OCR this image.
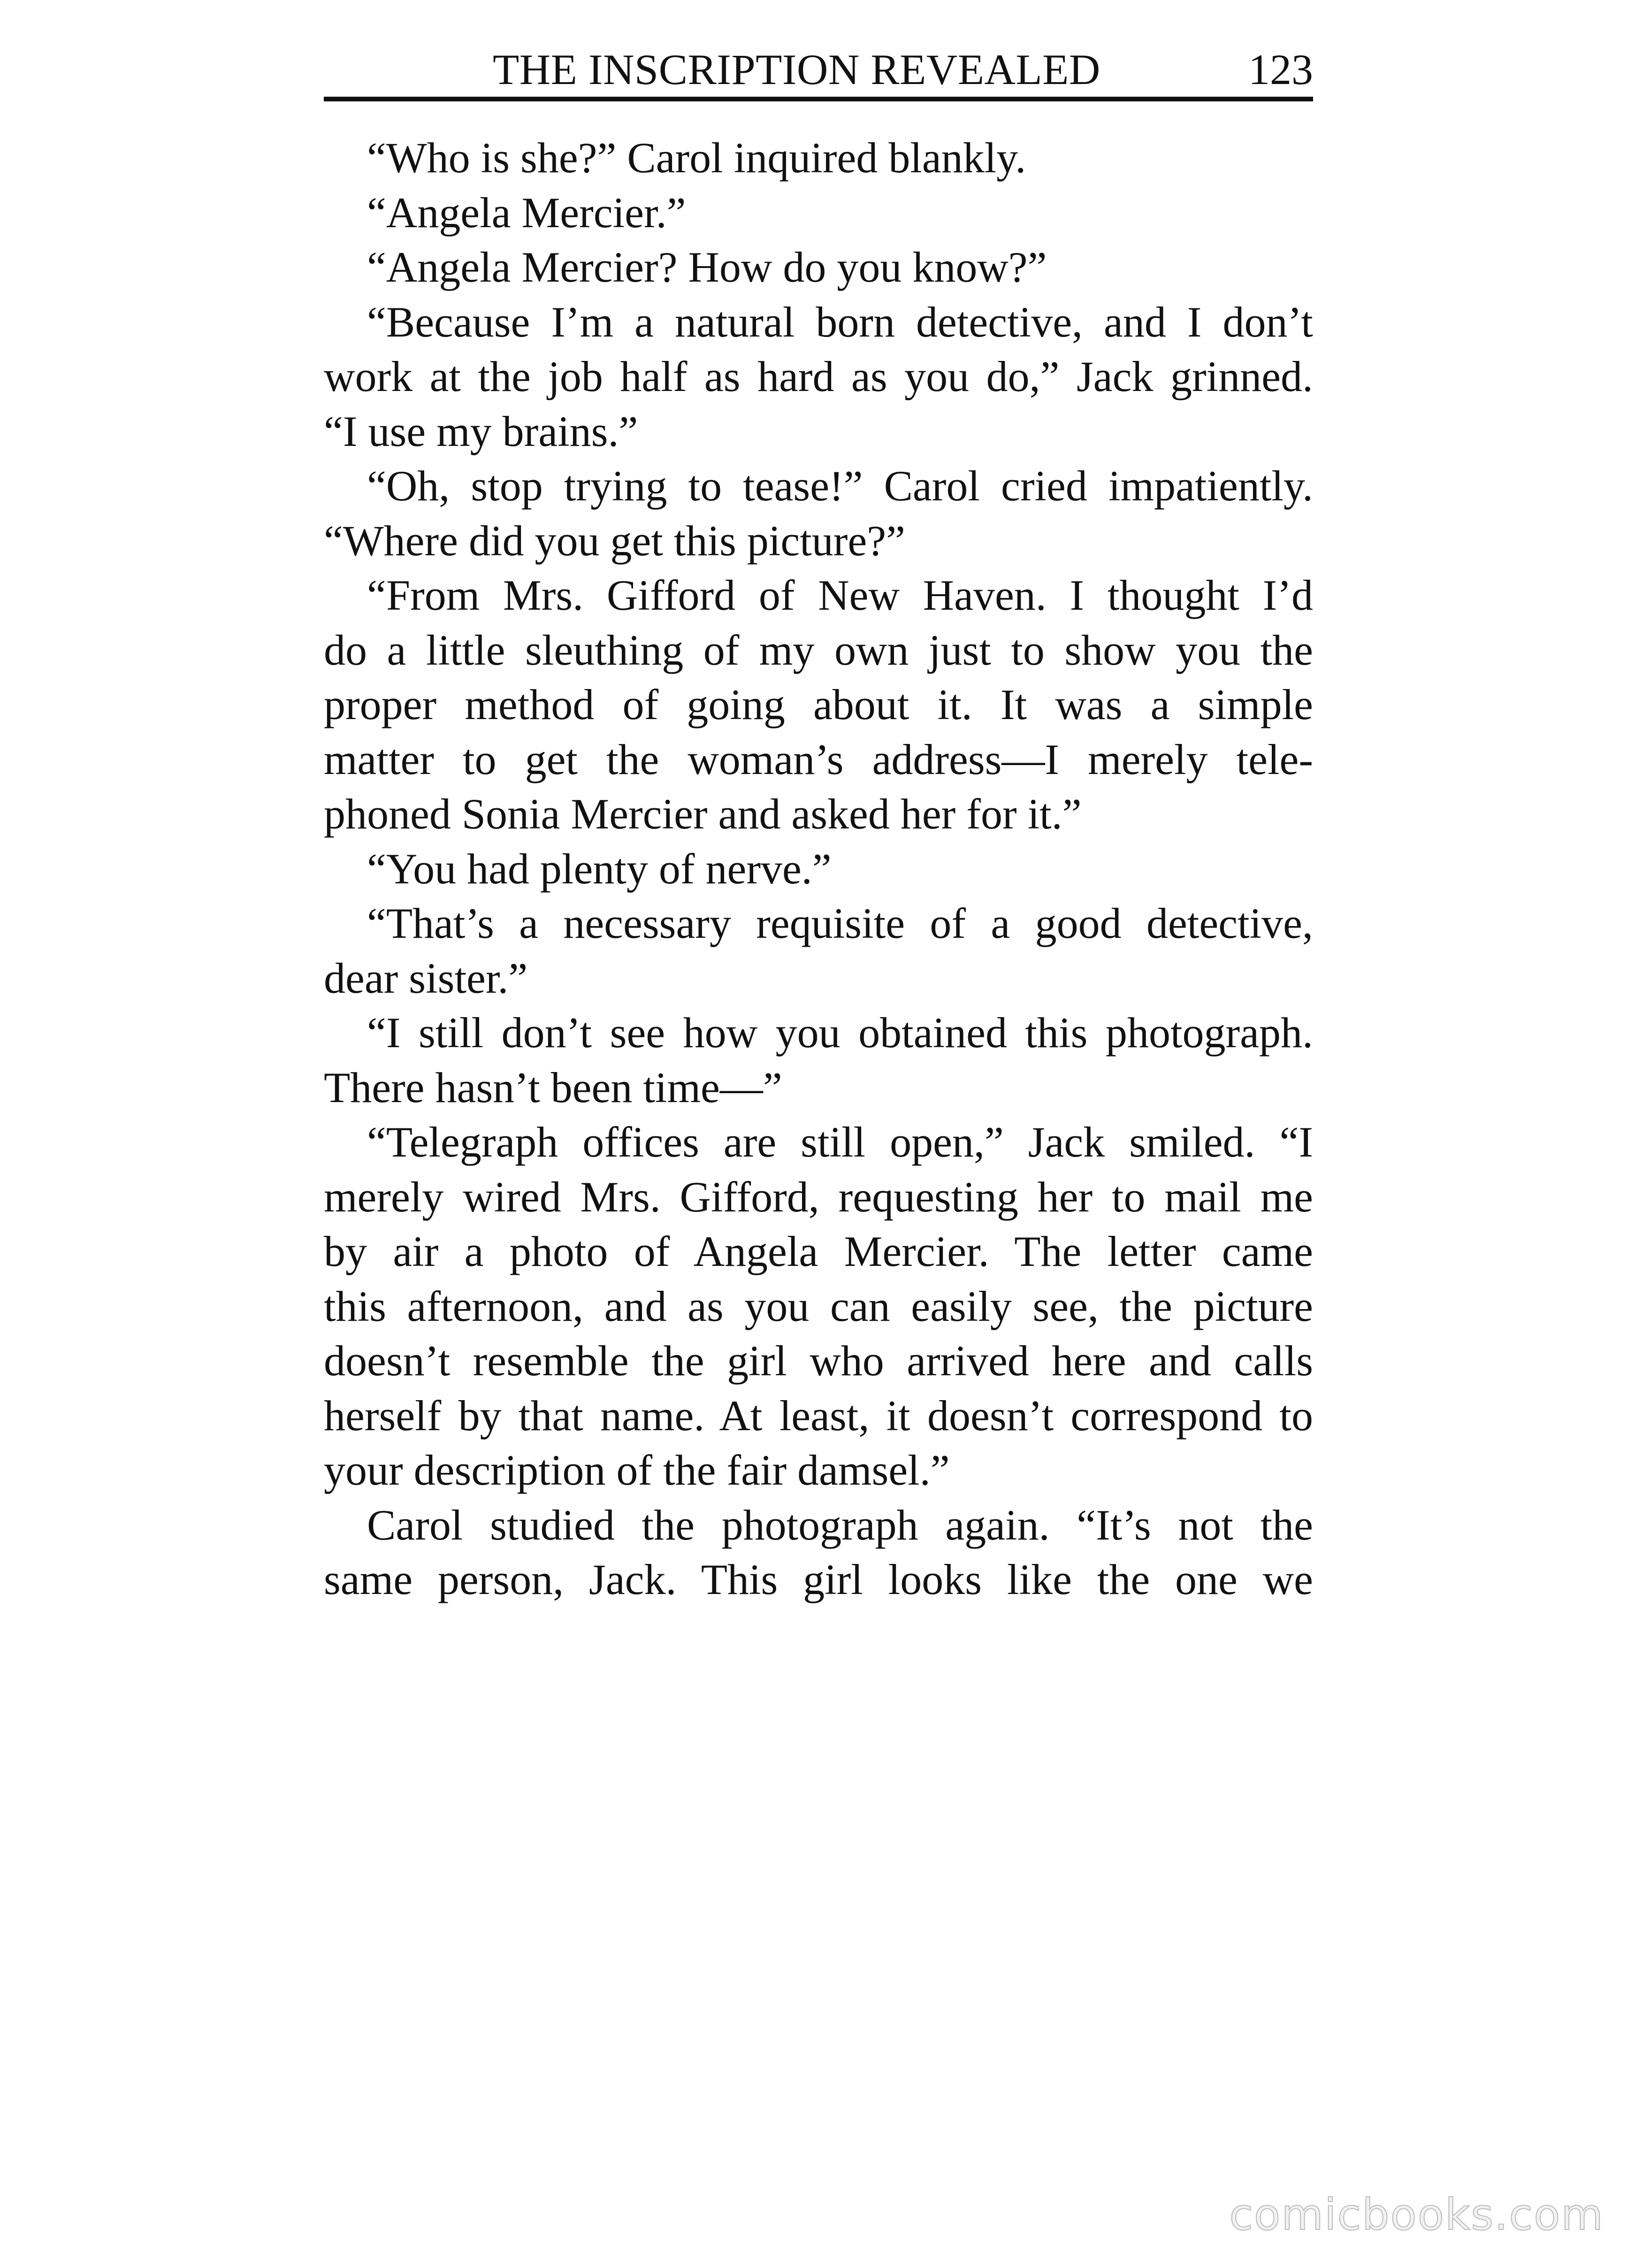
THE INSCRIPTION REVEALED	123
“Who is she?” Carol inquired blankly.
“Angela Mercier.”
“Angela Mercier? How do you know?”
“Because I’m a natural born detective, and I don’t
work at the job half as hard as you do,” Jack grinned.
“I use my brains.”
“Oh, stop trying to tease!” Carol cried impatiently.
“Where did you get this picture?”
“From Mrs. Gifford of New Haven. I thought I’d
do a little sleuthing of my own just to show you the
proper method of going about it. It was a simple
matter to get the woman’s address—I merely tele-
phoned Sonia Mercier and asked her for it.”
“You had plenty of nerve.”
“That’s a necessary requisite of a good detective,
dear sister.”
“I still don’t see how you obtained this photograph.
There hasn’t been time—”
“Telegraph offices are still open,” Jack smiled. “I
merely wired Mrs. Gifford, requesting her to mail me
by air a photo of Angela Mercier. The letter came
this afternoon, and as you can easily see, the picture
doesn’t resemble the girl who arrived here and calls
herself by that name. At least, it doesn’t correspond to
your description of the fair damsel.”
Carol studied the photograph again. “It’s not the
same person, Jack. This girl looks like the one we
comicbooks.com
